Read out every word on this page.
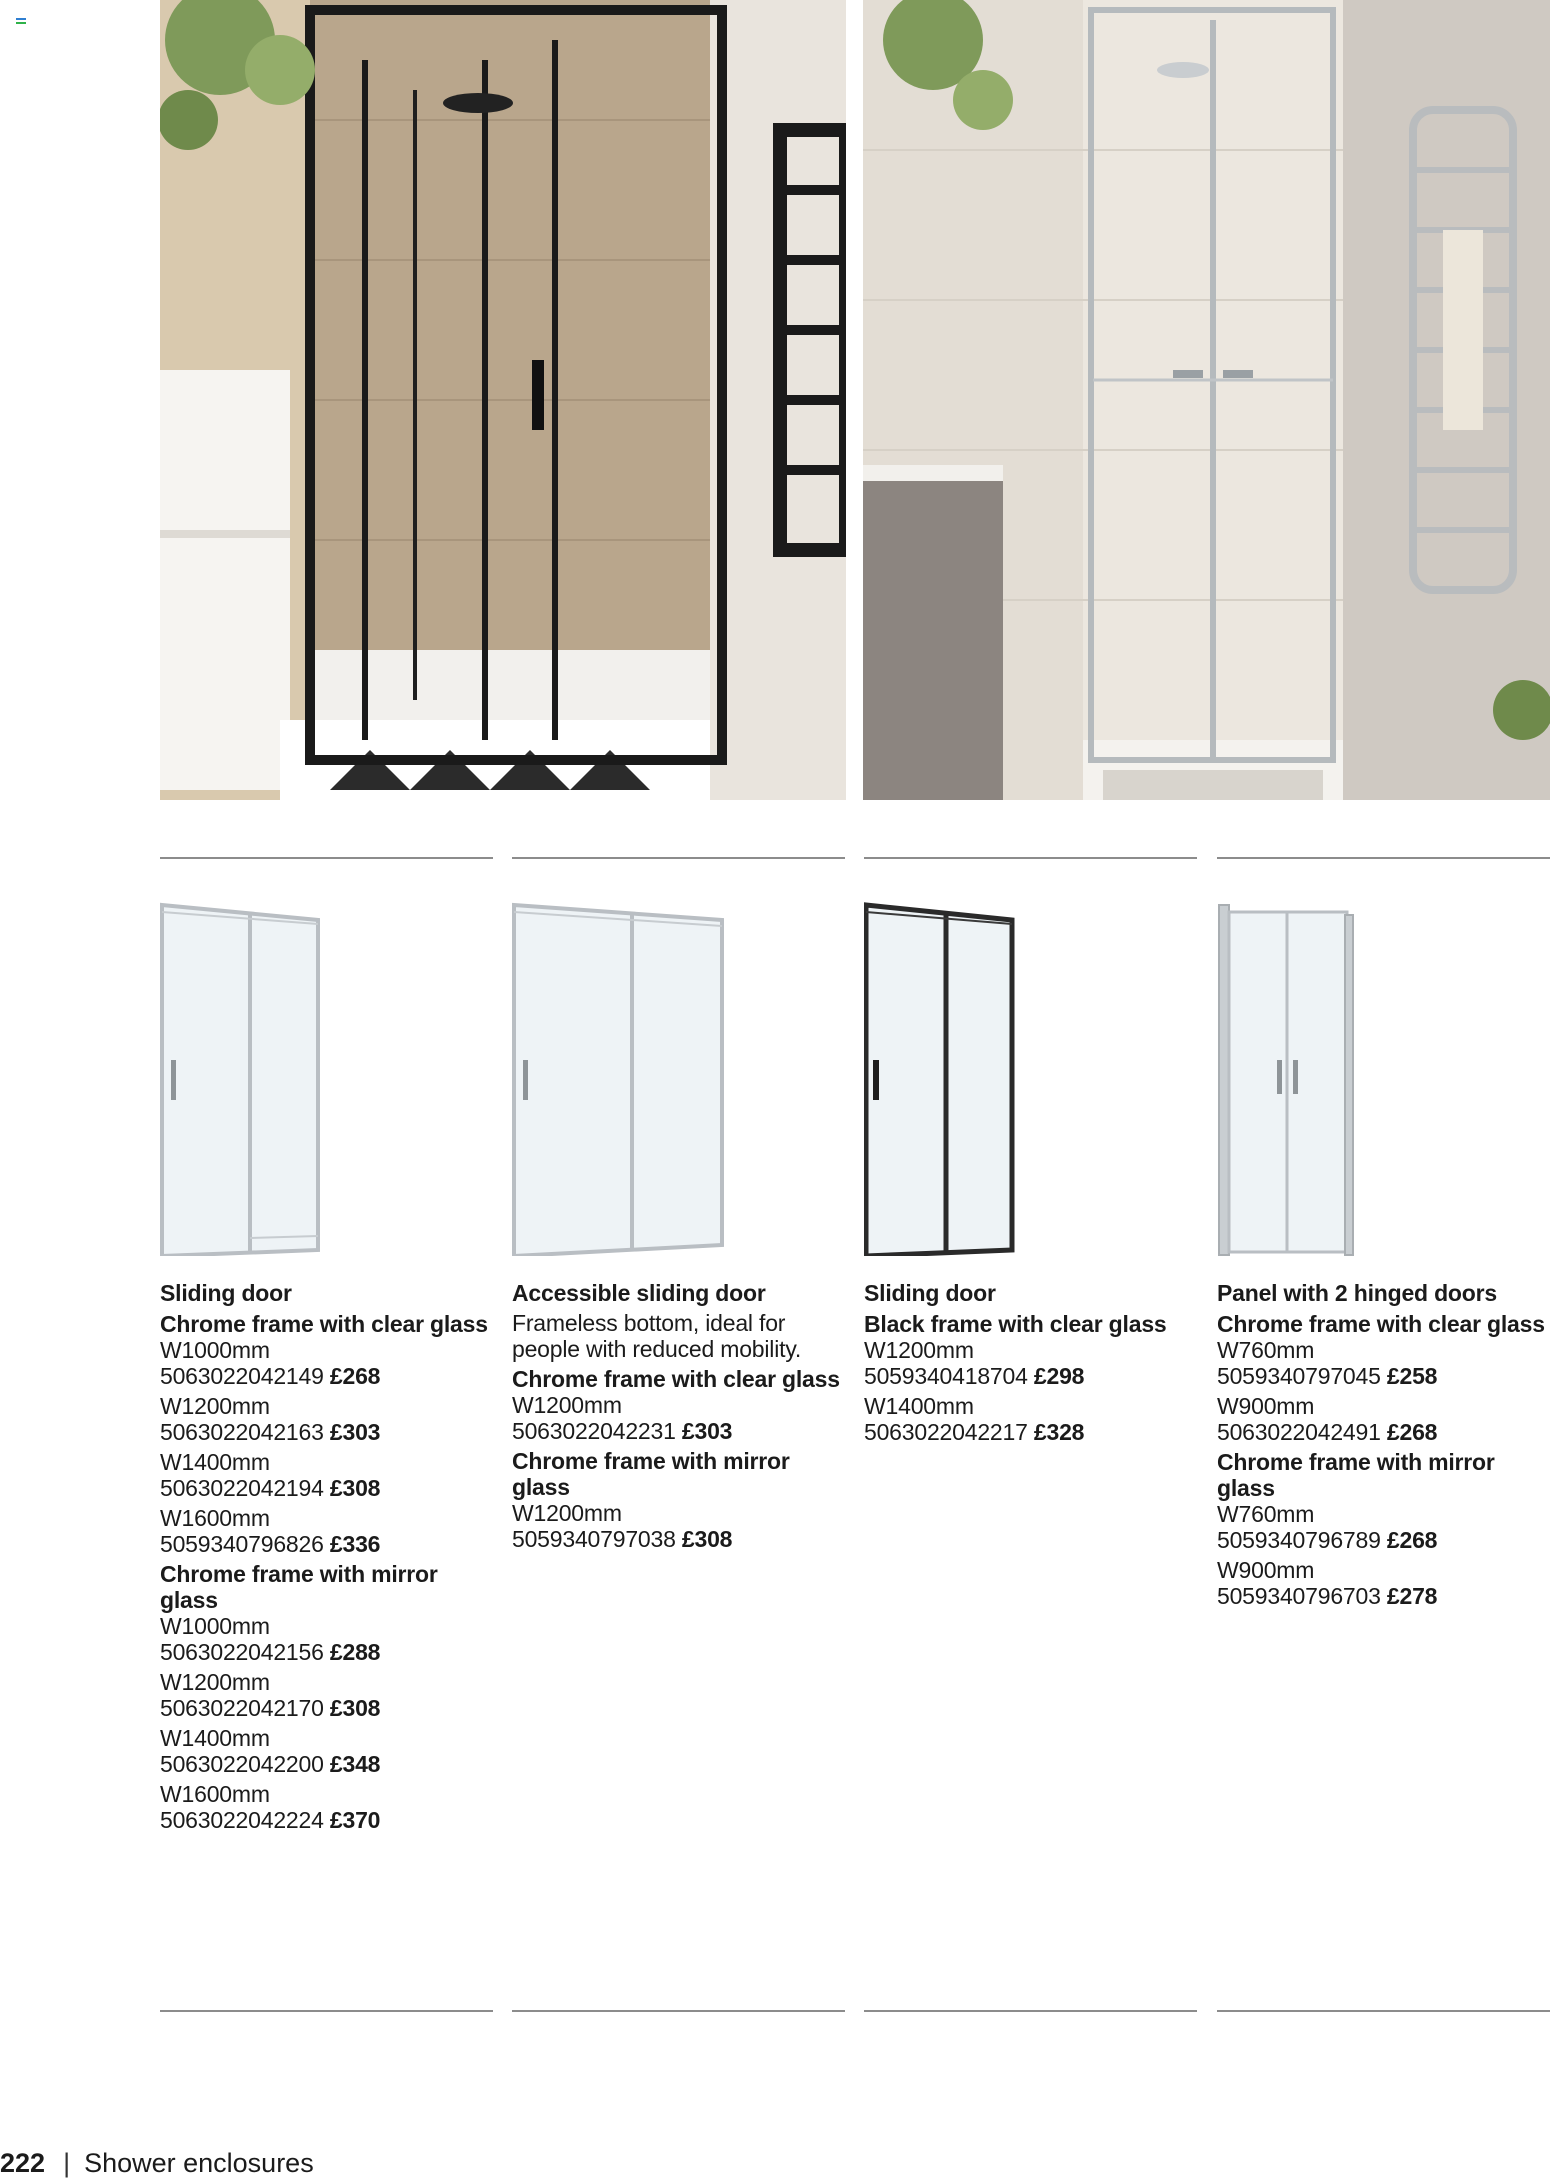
Sliding door
Chrome frame with clear glass
W1000mm
5063022042149 £268
W1200mm
5063022042163 £303
W1400mm
5063022042194 £308
W1600mm
5059340796826 £336
Chrome frame with mirror glass
W1000mm
5063022042156 £288
W1200mm
5063022042170 £308
W1400mm
5063022042200 £348
W1600mm
5063022042224 £370
Accessible sliding door
Frameless bottom, ideal for people with reduced mobility.
Chrome frame with clear glass
W1200mm
5063022042231 £303
Chrome frame with mirror glass
W1200mm
5059340797038 £308
Sliding door
Black frame with clear glass
W1200mm
5059340418704 £298
W1400mm
5063022042217 £328
Panel with 2 hinged doors
Chrome frame with clear glass
W760mm
5059340797045 £258
W900mm
5063022042491 £268
Chrome frame with mirror glass
W760mm
5059340796789 £268
W900mm
5059340796703 £278
222 | Shower enclosures
